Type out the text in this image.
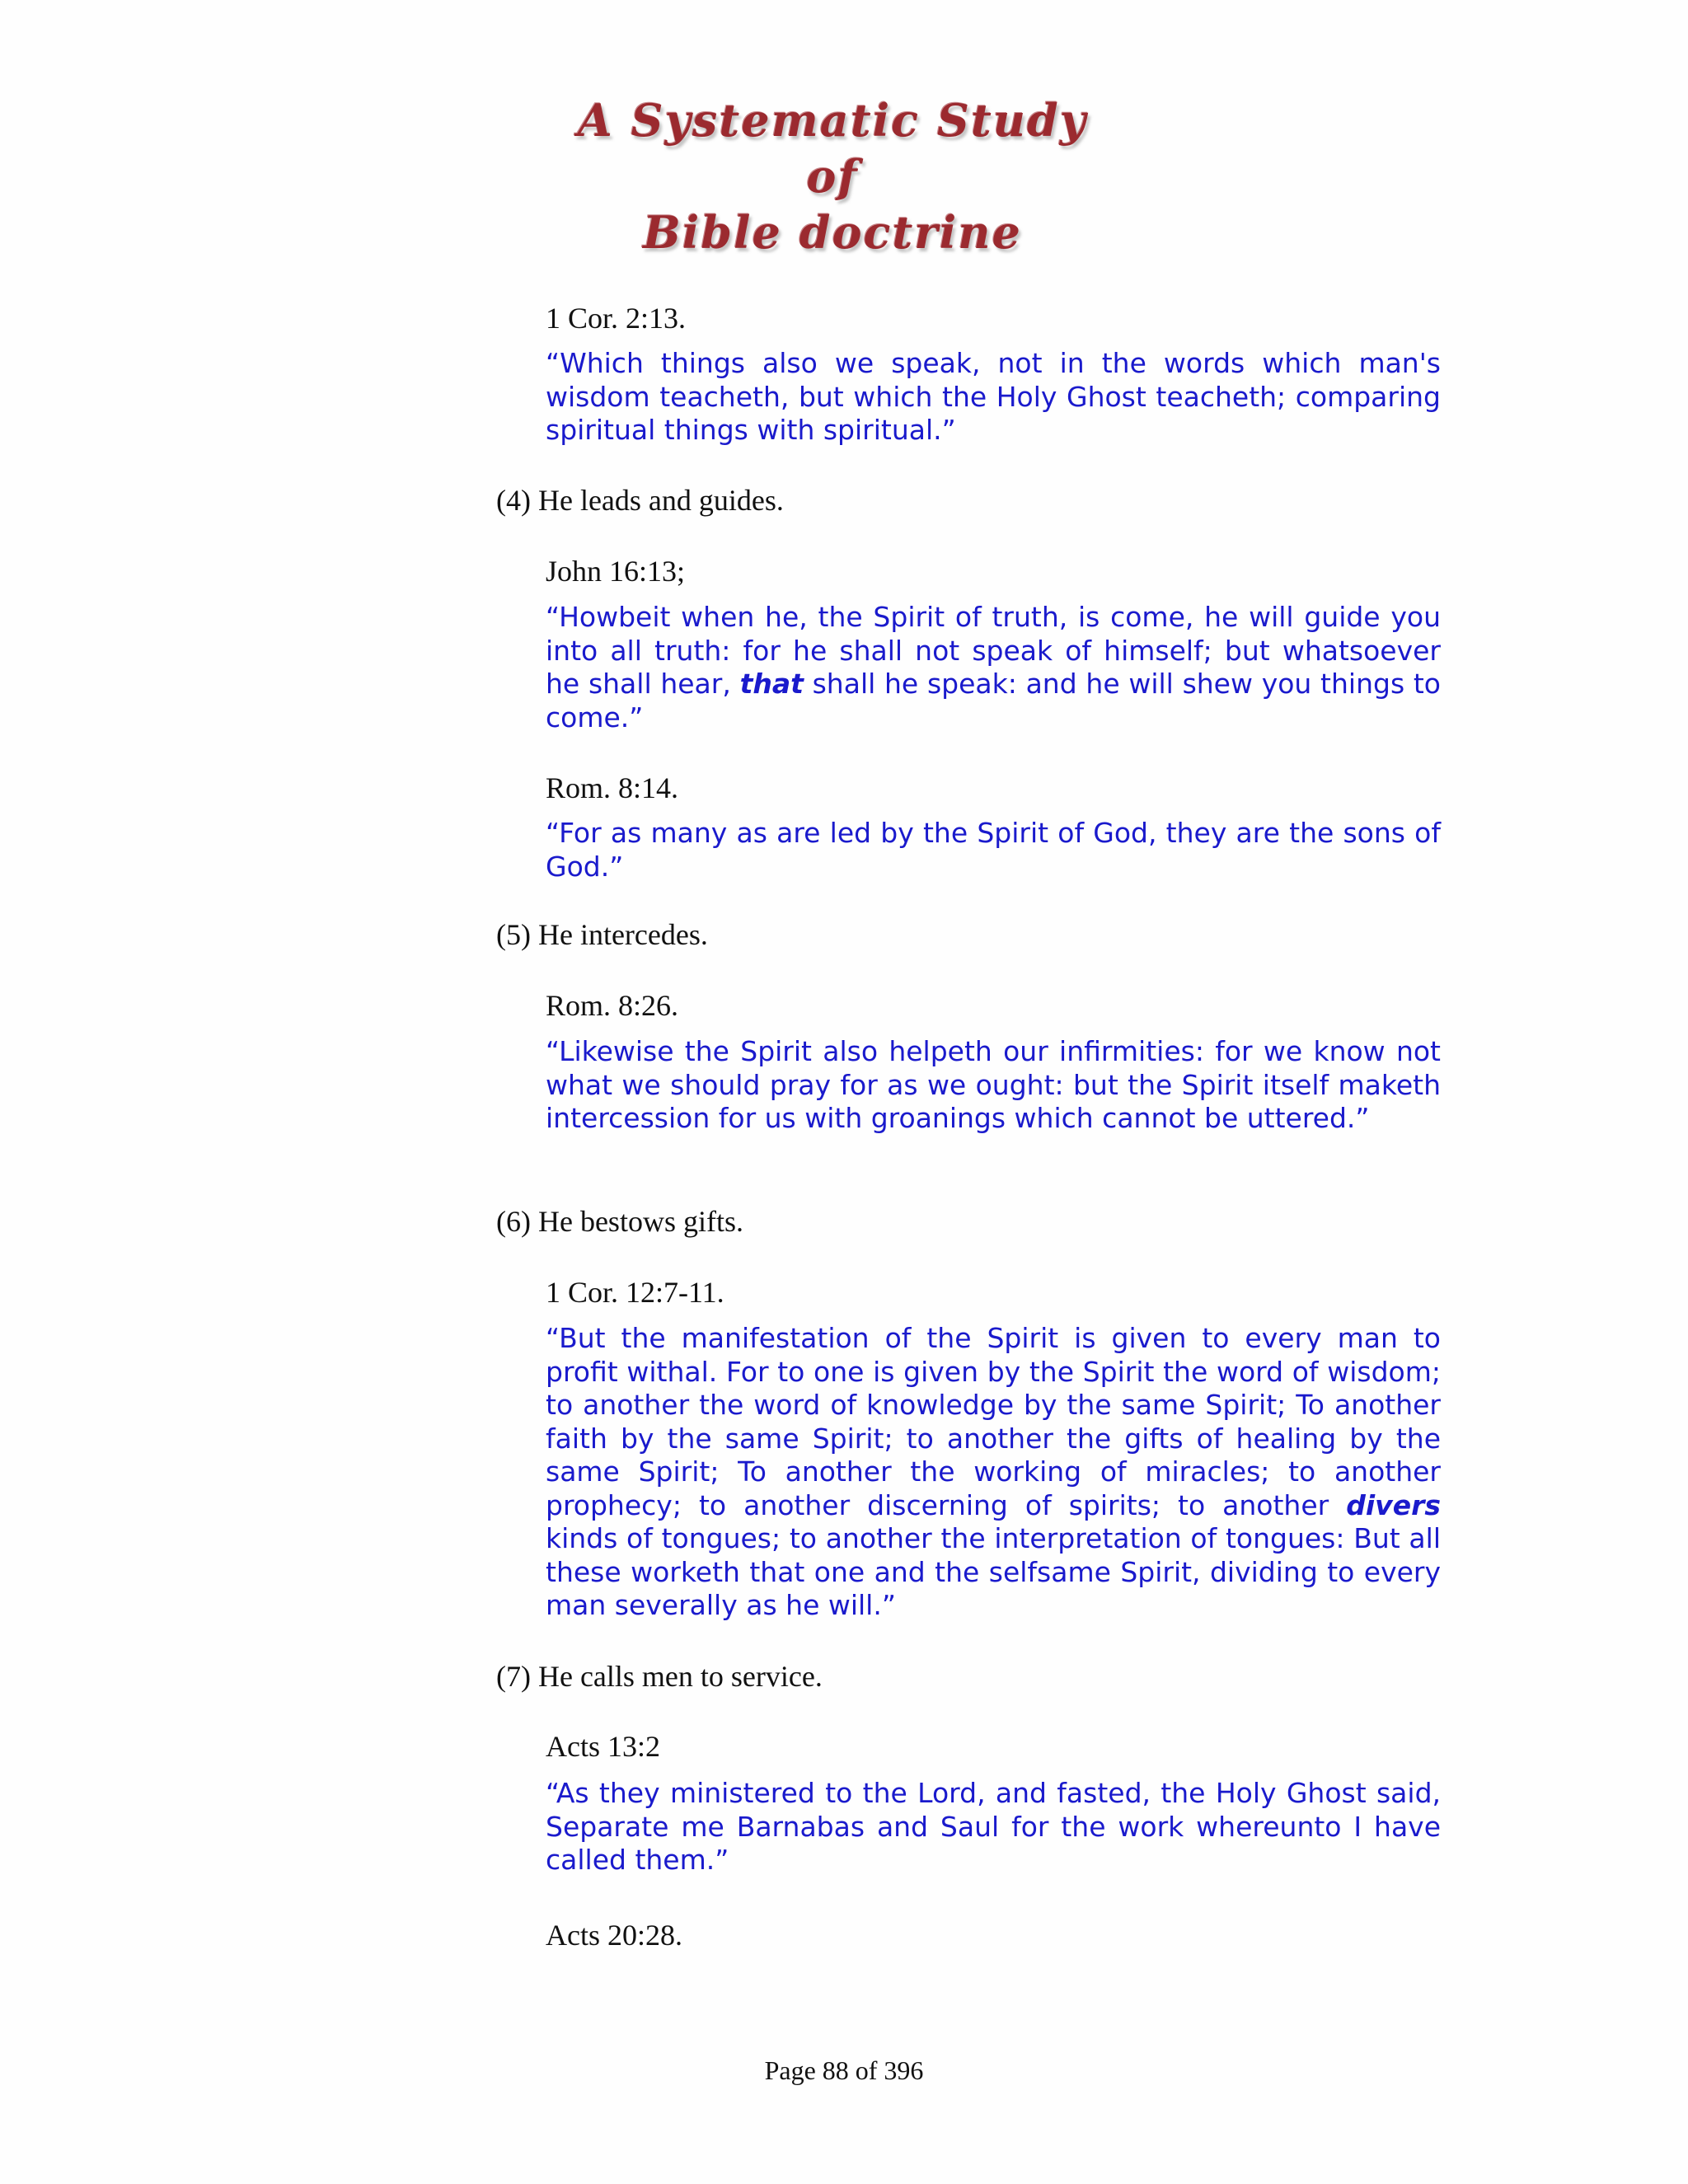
A Systematic Study of
Bible doctrine

1 Cor. 2:13.

“Which things also we speak, not in the words which man's wisdom teacheth, but which the Holy Ghost teacheth; comparing spiritual things with spiritual.”

(4) He leads and guides.

John 16:13;

“Howbeit when he, the Spirit of truth, is come, he will guide you into all truth: for he shall not speak of himself; but whatsoever he shall hear, that shall he speak: and he will shew you things to come.”

Rom. 8:14.

“For as many as are led by the Spirit of God, they are the sons of God.”

(5) He intercedes.

Rom. 8:26.

“Likewise the Spirit also helpeth our infirmities: for we know not what we should pray for as we ought: but the Spirit itself maketh intercession for us with groanings which cannot be uttered.”

(6) He bestows gifts.

1 Cor. 12:7-11.

“But the manifestation of the Spirit is given to every man to profit withal. For to one is given by the Spirit the word of wisdom; to another the word of knowledge by the same Spirit; To another faith by the same Spirit; to another the gifts of healing by the same Spirit; To another the working of miracles; to another prophecy; to another discerning of spirits; to another divers kinds of tongues; to another the interpretation of tongues: But all these worketh that one and the selfsame Spirit, dividing to every man severally as he will.”

(7) He calls men to service.

Acts 13:2

“As they ministered to the Lord, and fasted, the Holy Ghost said, Separate me Barnabas and Saul for the work whereunto I have called them.”

Acts 20:28.

Page 88 of 396
